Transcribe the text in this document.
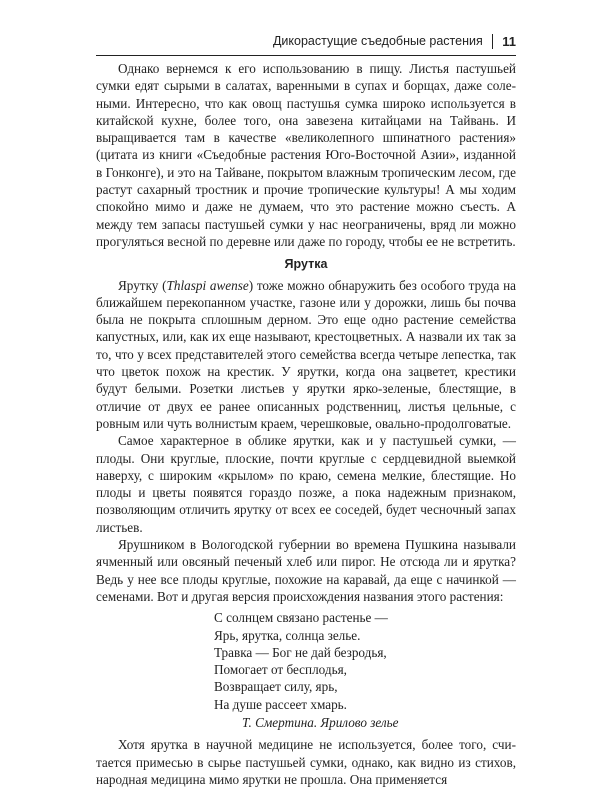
Дикорастущие съедобные растения 11

Однако вернемся к его использованию в пищу. Листья пастушьей сумки едят сырыми в салатах, варенными в супах и борщах, даже солеными. Интересно, что как овощ пастушья сумка широко используется в китайской кухне, более того, она завезена китайцами на Тайвань. И выращивается там в качестве «великолепного шпинатного растения» (цитата из книги «Съедобные растения Юго-Восточной Азии», изданной в Гонконге), и это на Тайване, покрытом влажным тропическим лесом, где растут сахарный тростник и прочие тропические культуры! А мы ходим спокойно мимо и даже не думаем, что это растение можно съесть. А между тем запасы пастушьей сумки у нас неограничены, вряд ли можно прогуляться весной по деревне или даже по городу, чтобы ее не встретить.

Ярутка

Ярутку (Thlaspi awense) тоже можно обнаружить без особого труда на ближайшем перекопанном участке, газоне или у дорожки, лишь бы почва была не покрыта сплошным дерном. Это еще одно растение семейства капустных, или, как их еще называют, крестоцветных. А назвали их так за то, что у всех представителей этого семейства всегда четыре лепестка, так что цветок похож на крестик. У ярутки, когда она зацветет, крестики будут белыми. Розетки листьев у ярутки ярко-зеленые, блестящие, в отличие от двух ее ранее описанных родственниц, листья цельные, с ровным или чуть волнистым краем, черешковые, овально-продолговатые.

Самое характерное в облике ярутки, как и у пастушьей сумки, — плоды. Они круглые, плоские, почти круглые с сердцевидной выемкой наверху, с широким «крылом» по краю, семена мелкие, блестящие. Но плоды и цветы появятся гораздо позже, а пока надежным признаком, позволяющим отличить ярутку от всех ее соседей, будет чесночный запах листьев.

Ярушником в Вологодской губернии во времена Пушкина называли ячменный или овсяный печеный хлеб или пирог. Не отсюда ли и ярутка? Ведь у нее все плоды круглые, похожие на каравай, да еще с начинкой — семенами. Вот и другая версия происхождения названия этого растения:

С солнцем связано растенье —
Ярь, ярутка, солнца зелье.
Травка — Бог не дай безродья,
Помогает от бесплодья,
Возвращает силу, ярь,
На душе рассеет хмарь.
Т. Смертина. Ярилово зелье

Хотя ярутка в научной медицине не используется, более того, считается примесью в сырье пастушьей сумки, однако, как видно из стихов, народная медицина мимо ярутки не прошла. Она применяется
